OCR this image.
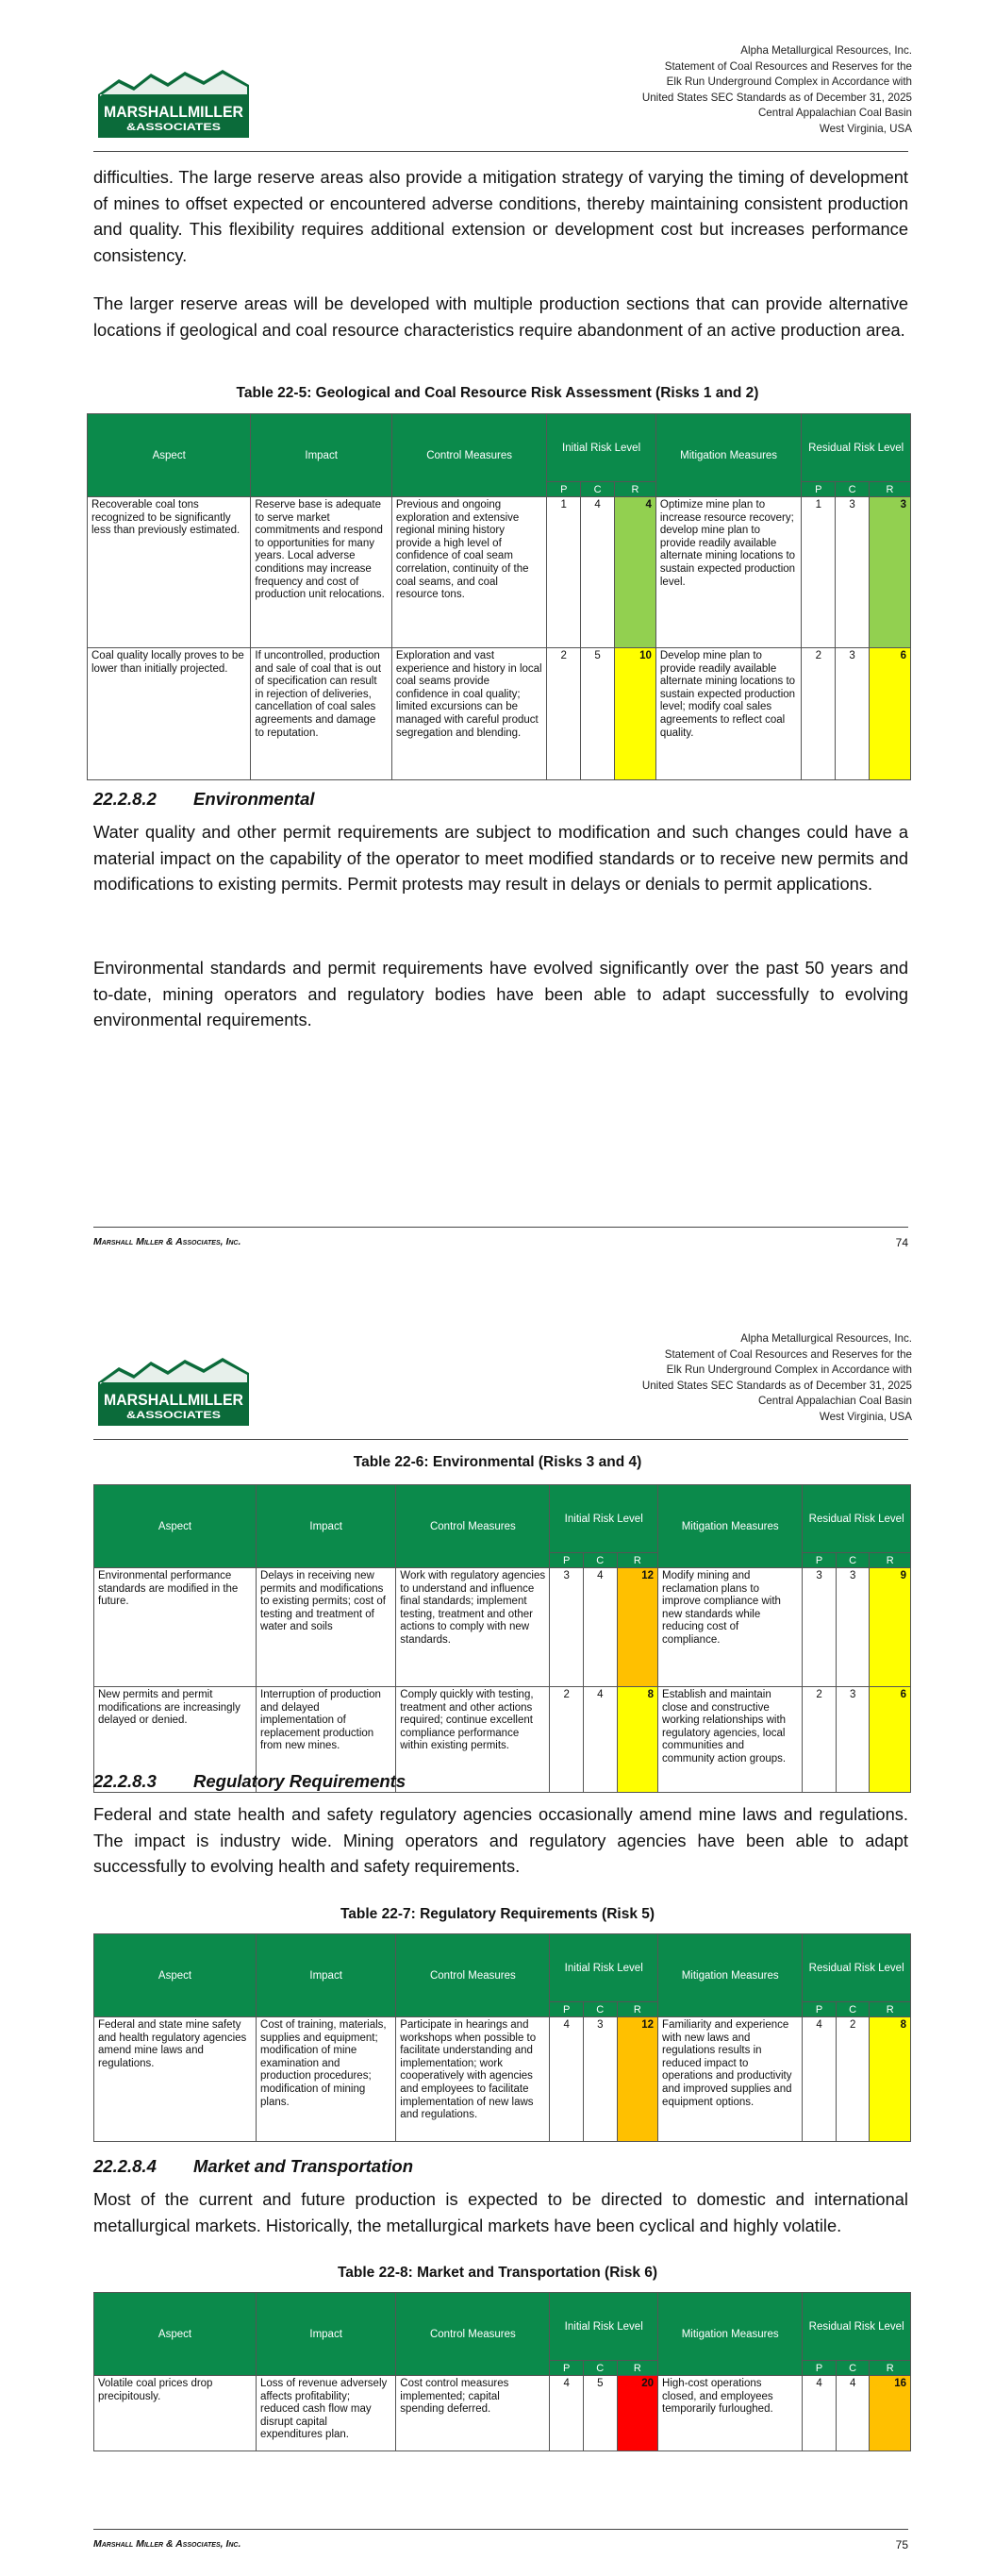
MARSHALLMILLER
&ASSOCIATES
Alpha Metallurgical Resources, Inc.
Statement of Coal Resources and Reserves for the
Elk Run Underground Complex in Accordance with
United States SEC Standards as of December 31, 2025
Central Appalachian Coal Basin
West Virginia, USA

difficulties. The large reserve areas also provide a mitigation strategy of varying the timing of development of mines to offset expected or encountered adverse conditions, thereby maintaining consistent production and quality. This flexibility requires additional extension or development cost but increases performance consistency.

The larger reserve areas will be developed with multiple production sections that can provide alternative locations if geological and coal resource characteristics require abandonment of an active production area.

Table 22-5: Geological and Coal Resource Risk Assessment (Risks 1 and 2)
Aspect	Impact	Control Measures	Initial Risk Level			Mitigation Measures	Residual Risk Level		
			P	C	R		P	C	R
Recoverable coal tons recognized to be significantly less than previously estimated.	Reserve base is adequate to serve market commitments and respond to opportunities for many years. Local adverse conditions may increase frequency and cost of production unit relocations.	Previous and ongoing exploration and extensive regional mining history provide a high level of confidence of coal seam correlation, continuity of the coal seams, and coal resource tons.	1	4	4	Optimize mine plan to increase resource recovery; develop mine plan to provide readily available alternate mining locations to sustain expected production level.	1	3	3
Coal quality locally proves to be lower than initially projected.	If uncontrolled, production and sale of coal that is out of specification can result in rejection of deliveries, cancellation of coal sales agreements and damage to reputation.	Exploration and vast experience and history in local coal seams provide confidence in coal quality; limited excursions can be managed with careful product segregation and blending.	2	5	10	Develop mine plan to provide readily available alternate mining locations to sustain expected production level; modify coal sales agreements to reflect coal quality.	2	3	6
22.2.8.2 Environmental

Water quality and other permit requirements are subject to modification and such changes could have a material impact on the capability of the operator to meet modified standards or to receive new permits and modifications to existing permits. Permit protests may result in delays or denials to permit applications.

Environmental standards and permit requirements have evolved significantly over the past 50 years and to-date, mining operators and regulatory bodies have been able to adapt successfully to evolving environmental requirements.

Marshall Miller & Associates, Inc.	74
MARSHALLMILLER
&ASSOCIATES
Alpha Metallurgical Resources, Inc.
Statement of Coal Resources and Reserves for the
Elk Run Underground Complex in Accordance with
United States SEC Standards as of December 31, 2025
Central Appalachian Coal Basin
West Virginia, USA
Table 22-6: Environmental (Risks 3 and 4)
Aspect	Impact	Control Measures	Initial Risk Level			Mitigation Measures	Residual Risk Level		
			P	C	R		P	C	R
Environmental performance standards are modified in the future.	Delays in receiving new permits and modifications to existing permits; cost of testing and treatment of water and soils	Work with regulatory agencies to understand and influence final standards; implement testing, treatment and other actions to comply with new standards.	3	4	12	Modify mining and reclamation plans to improve compliance with new standards while reducing cost of compliance.	3	3	9
New permits and permit modifications are increasingly delayed or denied.	Interruption of production and delayed implementation of replacement production from new mines.	Comply quickly with testing, treatment and other actions required; continue excellent compliance performance within existing permits.	2	4	8	Establish and maintain close and constructive working relationships with regulatory agencies, local communities and community action groups.	2	3	6
22.2.8.3 Regulatory Requirements

Federal and state health and safety regulatory agencies occasionally amend mine laws and regulations. The impact is industry wide. Mining operators and regulatory agencies have been able to adapt successfully to evolving health and safety requirements.

Table 22-7: Regulatory Requirements (Risk 5)
Aspect	Impact	Control Measures	Initial Risk Level			Mitigation Measures	Residual Risk Level		
			P	C	R		P	C	R
Federal and state mine safety and health regulatory agencies amend mine laws and regulations.	Cost of training, materials, supplies and equipment; modification of mine examination and production procedures; modification of mining plans.	Participate in hearings and workshops when possible to facilitate understanding and implementation; work cooperatively with agencies and employees to facilitate implementation of new laws and regulations.	4	3	12	Familiarity and experience with new laws and regulations results in reduced impact to operations and productivity and improved supplies and equipment options.	4	2	8
22.2.8.4 Market and Transportation

Most of the current and future production is expected to be directed to domestic and international metallurgical markets. Historically, the metallurgical markets have been cyclical and highly volatile.

Table 22-8: Market and Transportation (Risk 6)
Aspect	Impact	Control Measures	Initial Risk Level			Mitigation Measures	Residual Risk Level		
			P	C	R		P	C	R
Volatile coal prices drop precipitously.	Loss of revenue adversely affects profitability; reduced cash flow may disrupt capital expenditures plan.	Cost control measures implemented; capital spending deferred.	4	5	20	High-cost operations closed, and employees temporarily furloughed.	4	4	16
Marshall Miller & Associates, Inc.	75
